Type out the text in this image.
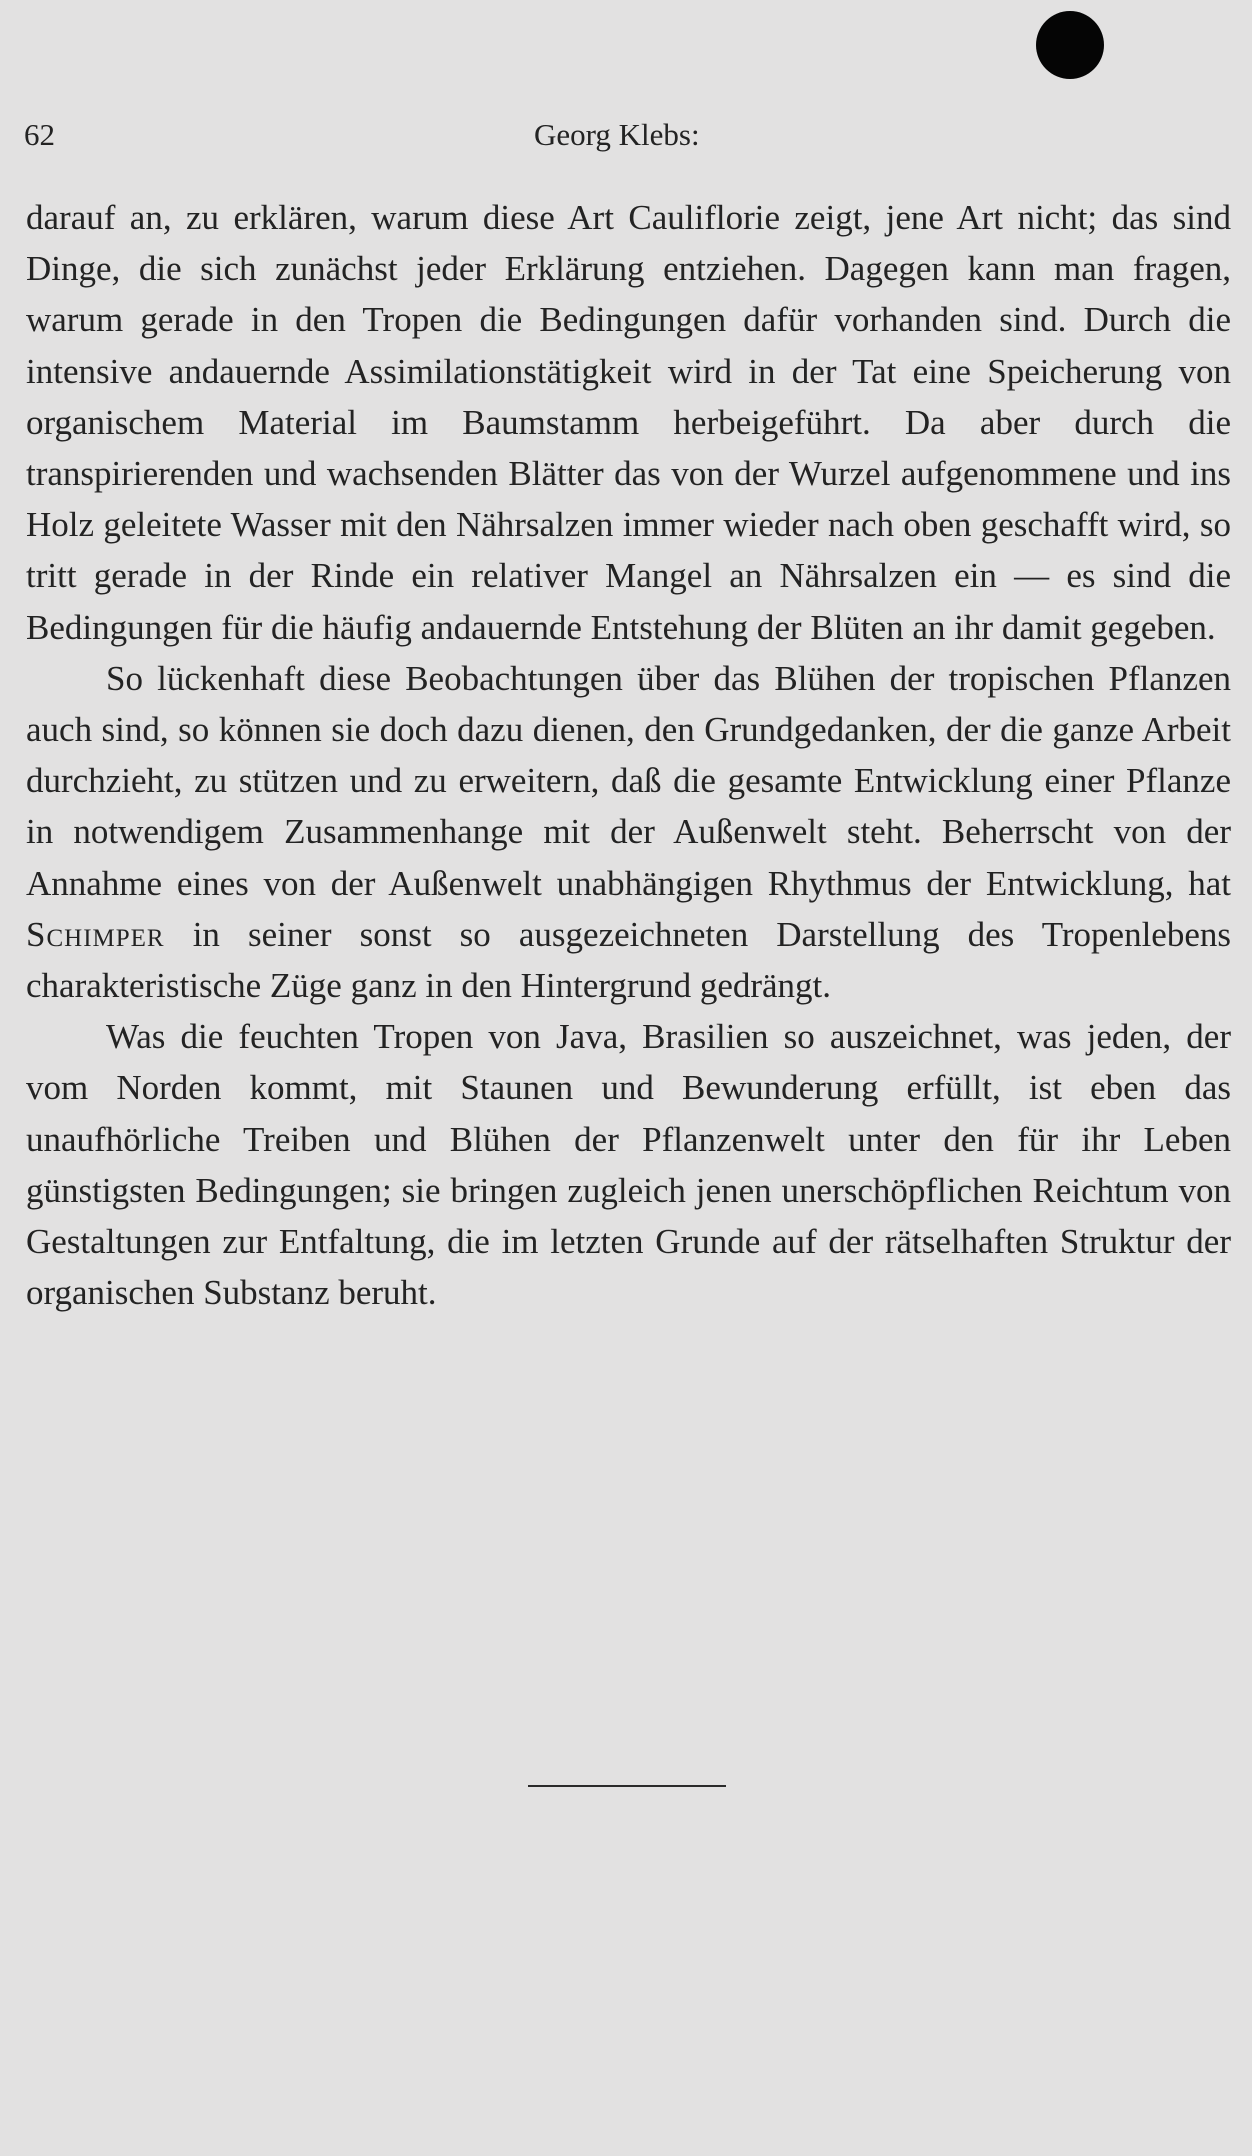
62	Georg Klebs:

darauf an, zu erklären, warum diese Art Cauliflorie zeigt, jene Art nicht; das sind Dinge, die sich zunächst jeder Erklärung entziehen. Dagegen kann man fragen, warum gerade in den Tropen die Bedingungen dafür vorhanden sind. Durch die intensive andauernde Assimilationstätigkeit wird in der Tat eine Speicherung von organischem Material im Baumstamm herbeigeführt. Da aber durch die transpirierenden und wachsenden Blätter das von der Wurzel aufgenommene und ins Holz geleitete Wasser mit den Nährsalzen immer wieder nach oben geschafft wird, so tritt gerade in der Rinde ein relativer Mangel an Nährsalzen ein — es sind die Bedingungen für die häufig andauernde Entstehung der Blüten an ihr damit gegeben.

So lückenhaft diese Beobachtungen über das Blühen der tropischen Pflanzen auch sind, so können sie doch dazu dienen, den Grundgedanken, der die ganze Arbeit durchzieht, zu stützen und zu erweitern, daß die gesamte Entwicklung einer Pflanze in notwendigem Zusammenhange mit der Außenwelt steht. Beherrscht von der Annahme eines von der Außenwelt unabhängigen Rhythmus der Entwicklung, hat Schimper in seiner sonst so ausgezeichneten Darstellung des Tropenlebens charakteristische Züge ganz in den Hintergrund gedrängt.

Was die feuchten Tropen von Java, Brasilien so auszeichnet, was jeden, der vom Norden kommt, mit Staunen und Bewunderung erfüllt, ist eben das unaufhörliche Treiben und Blühen der Pflanzenwelt unter den für ihr Leben günstigsten Bedingungen; sie bringen zugleich jenen unerschöpflichen Reichtum von Gestaltungen zur Entfaltung, die im letzten Grunde auf der rätselhaften Struktur der organischen Substanz beruht.
